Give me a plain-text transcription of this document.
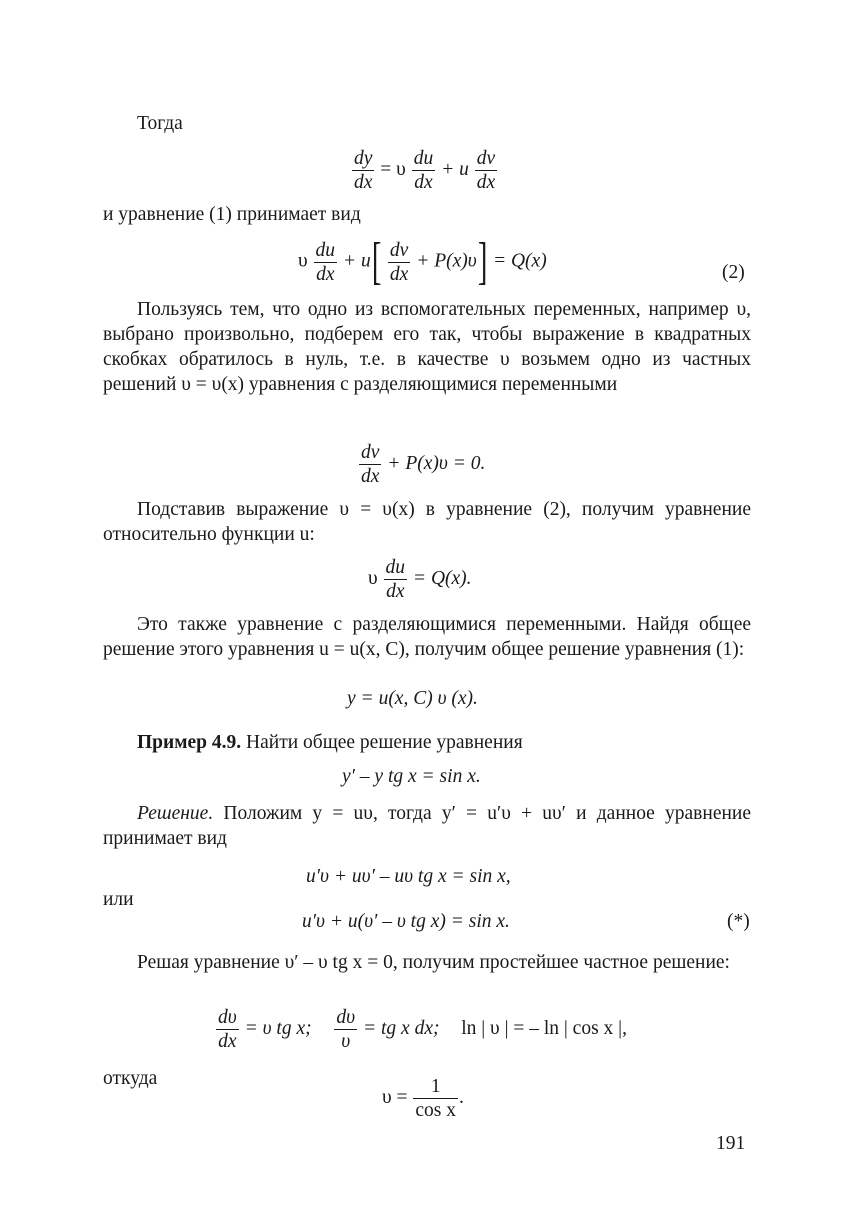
Тогда
$\frac{dy}{dx} = \upsilon \frac{du}{dx} + u \frac{dv}{dx}$
и уравнение (1) принимает вид
υ $\frac{du}{dx} + u[ \frac{dv}{dx} + P(x)\upsilon] = Q(x)$
(2)
Пользуясь тем, что одно из вспомогательных переменных, например υ, выбрано произвольно, подберем его так, чтобы выражение в квадратных скобках обратилось в нуль, т.е. в качестве υ возьмем одно из частных решений υ = υ(x) уравнения с разделяющимися переменными
$\frac{dv}{dx} + P(x)\upsilon = 0$.
Подставив выражение υ = υ(x) в уравнение (2), получим уравнение относительно функции u:
υ $\frac{du}{dx} = Q(x)$.
Это также уравнение с разделяющимися переменными. Найдя общее решение этого уравнения u = u(x, C), получим общее решение уравнения (1):
y = u(x, C) υ (x).
Пример 4.9. Найти общее решение уравнения
y′ – y tg x = sin x.
Решение. Положим y = uυ, тогда y′ = u′υ + uυ′ и данное уравнение принимает вид
u′υ + uυ′ – uυ tg x = sin x,
или
u′υ + u(υ′ – υ tg x) = sin x.	(*)
Решая уравнение υ′ – υ tg x = 0, получим простейшее частное решение:
$\frac{d\upsilon}{dx} = \upsilon$ tg x; $\frac{d\upsilon}{\upsilon}$ = tg x dx; ln | υ | = – ln | cos x |,
откуда
$\upsilon = \frac{1}{\text{cos x}}$ .
191
